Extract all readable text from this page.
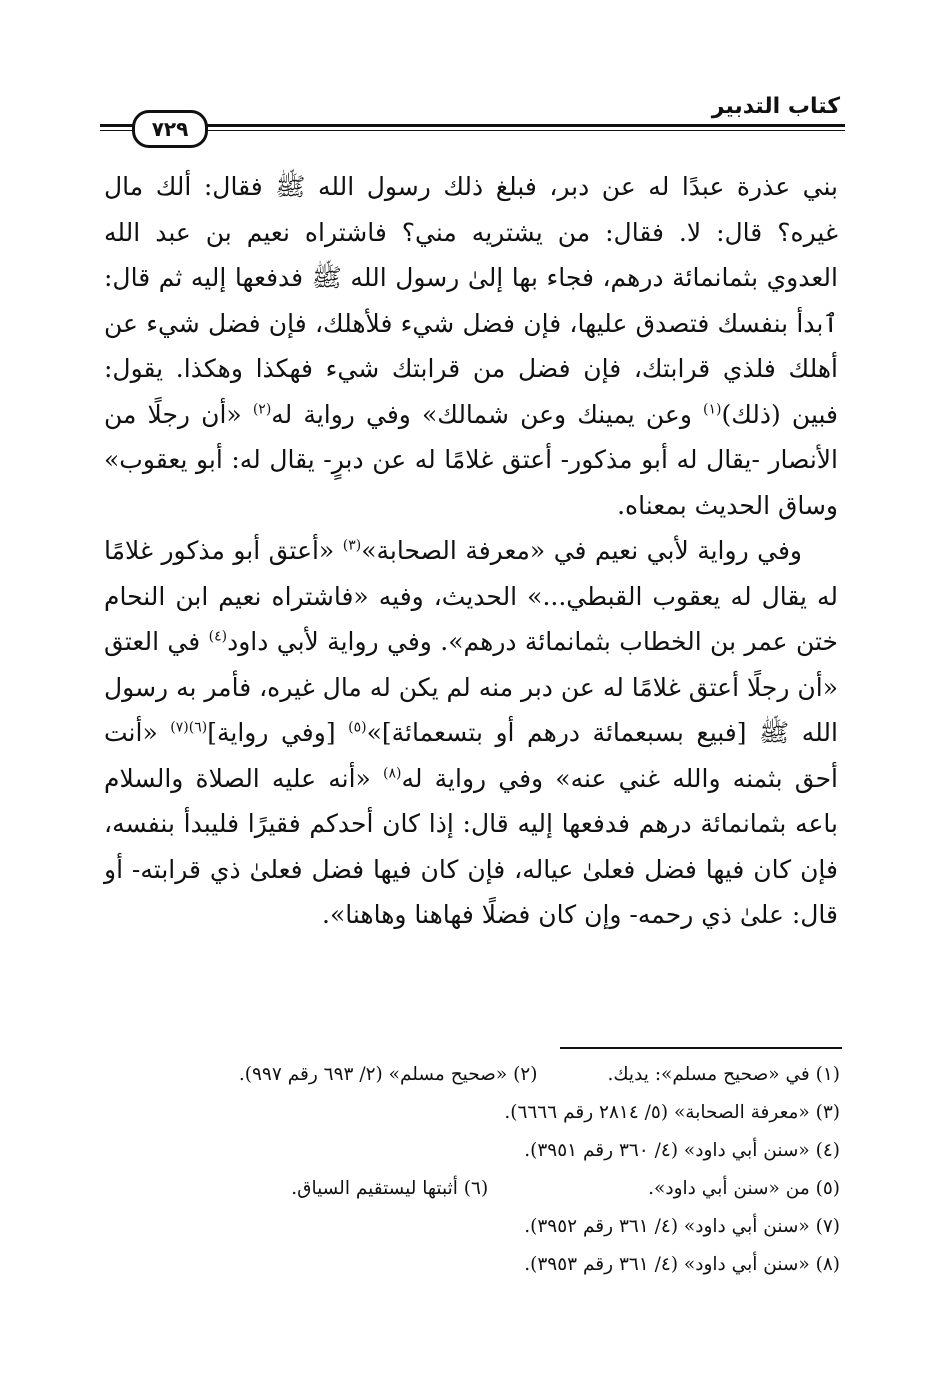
كتاب التدبير
٧٢٩

بني عذرة عبدًا له عن دبر، فبلغ ذلك رسول الله ﷺ فقال: ألك مال غيره؟ قال: لا. فقال: من يشتريه مني؟ فاشتراه نعيم بن عبد الله العدوي بثمانمائة درهم، فجاء بها إلىٰ رسول الله ﷺ فدفعها إليه ثم قال: ٱبدأ بنفسك فتصدق عليها، فإن فضل شيء فلأهلك، فإن فضل شيء عن أهلك فلذي قرابتك، فإن فضل من قرابتك شيء فهكذا وهكذا. يقول: فبين (ذلك)$^{(١)}$ وعن يمينك وعن شمالك» وفي رواية له$^{(٢)}$ «أن رجلًا من الأنصار -يقال له أبو مذكور- أعتق غلامًا له عن دبرٍ- يقال له: أبو يعقوب» وساق الحديث بمعناه.

وفي رواية لأبي نعيم في «معرفة الصحابة»$^{(٣)}$ «أعتق أبو مذكور غلامًا له يقال له يعقوب القبطي...» الحديث، وفيه «فاشتراه نعيم ابن النحام ختن عمر بن الخطاب بثمانمائة درهم». وفي رواية لأبي داود$^{(٤)}$ في العتق «أن رجلًا أعتق غلامًا له عن دبر منه لم يكن له مال غيره، فأمر به رسول الله ﷺ [فبيع بسبعمائة درهم أو بتسعمائة]»$^{(٥)}$ [وفي رواية]$^{(٦)(٧)}$ «أنت أحق بثمنه والله غني عنه» وفي رواية له$^{(٨)}$ «أنه عليه الصلاة والسلام باعه بثمانمائة درهم فدفعها إليه قال: إذا كان أحدكم فقيرًا فليبدأ بنفسه، فإن كان فيها فضل فعلىٰ عياله، فإن كان فيها فضل فعلىٰ ذي قرابته- أو قال: علىٰ ذي رحمه- وإن كان فضلًا فهاهنا وهاهنا».

(١) في «صحيح مسلم»: يديك.(٢) «صحيح مسلم» (٢/ ٦٩٣ رقم ٩٩٧).
(٣) «معرفة الصحابة» (٥/ ٢٨١٤ رقم ٦٦٦٦).
(٤) «سنن أبي داود» (٤/ ٣٦٠ رقم ٣٩٥١).
(٥) من «سنن أبي داود».(٦) أثبتها ليستقيم السياق.
(٧) «سنن أبي داود» (٤/ ٣٦١ رقم ٣٩٥٢).
(٨) «سنن أبي داود» (٤/ ٣٦١ رقم ٣٩٥٣).
